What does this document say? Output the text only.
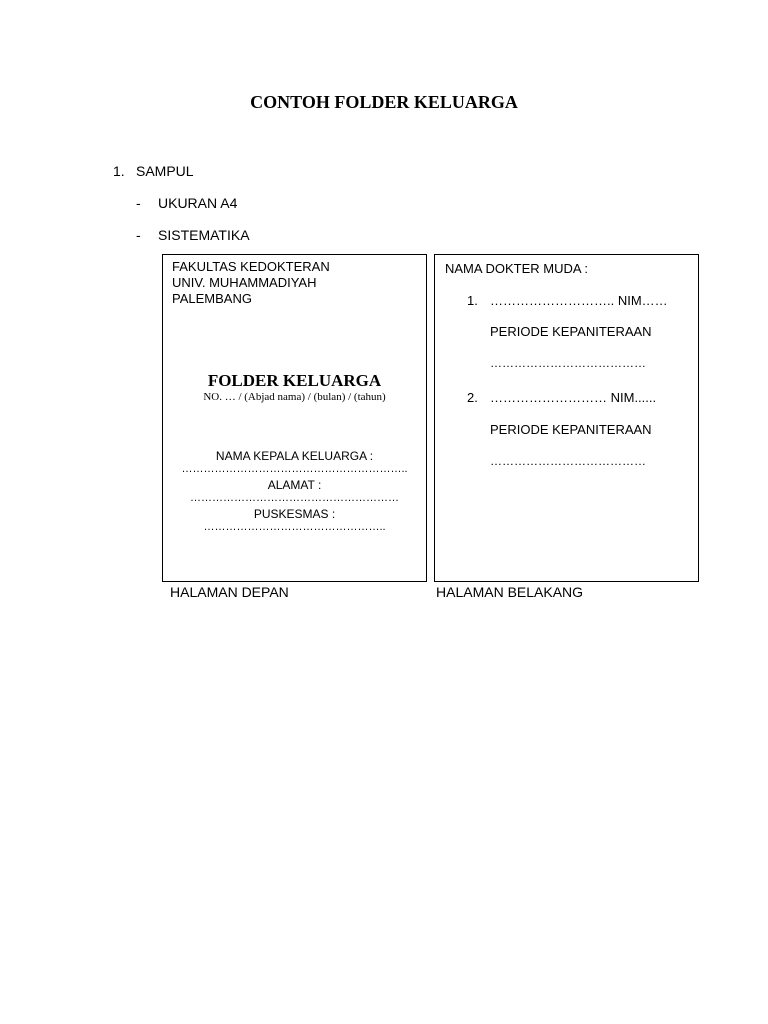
CONTOH FOLDER KELUARGA
1. SAMPUL
- UKURAN A4
- SISTEMATIKA
FAKULTAS KEDOKTERAN
UNIV. MUHAMMADIYAH
PALEMBANG
FOLDER KELUARGA
NO. … / (Abjad nama) / (bulan) / (tahun)
NAMA KEPALA KELUARGA :
……………………………………………………..
ALAMAT :
…………………………………………………
PUSKESMAS :
…………………………………………..
HALAMAN DEPAN
NAMA DOKTER MUDA :
1. ……………………….. NIM……
PERIODE KEPANITERAAN
…………………………………
2. ……………………… NIM......
PERIODE KEPANITERAAN
…………………………………
HALAMAN BELAKANG
